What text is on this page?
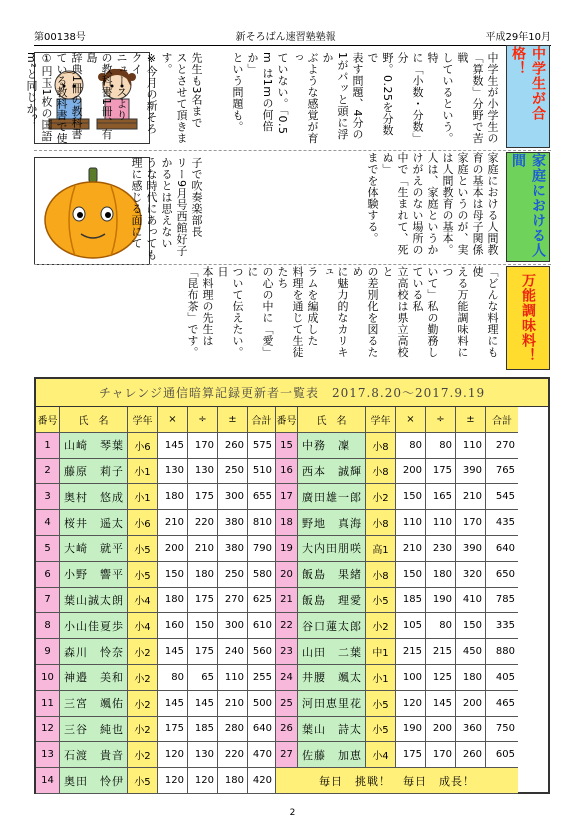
第00138号	新そろばん速習塾塾報	平成29年10月
先生も3名まで
スとさせて頂きます。
※今月の新そろクイ
ニュースより
の教科書1冊、有島
辞典1冊の教科書
ている教科書で使
①円玉1枚の国語
m²と同じか？
子で吹奏楽部長
リー9月号西館好子
かるとは思えない
うな時代にあっても
理に感じる面にて
中学生が小学生の
「算数」分野で苦戦
しているという。特
に「小数・分数」分
野。0.25を分数で
表す問題、4分の
1がパッと頭に浮か
ぶような感覚が育っ
ていない。「0.5
m は1mの何倍か」
という問題も。
家庭における人間教
育の基本は母子関係
家庭というのが、実
は人間教育の基本。
人は、家庭というか
けがえのない場所の
中で「生まれて、死ぬ」
までを体験する。
「どんな料理にも使
える万能調味料につ
いて」私の勤務している私
立高校は県立高校と
の差別化を図るため
に魅力的なカリキュ
ラムを編成した
料理を通じて生徒たち
の心の中に「愛」に
ついて伝えたい。日
本料理の先生は「昆布茶」です。
中学生が合格！
家庭における人間
万能調味料！
チャレンジ通信暗算記録更新者一覧表　2017.8.20～2017.9.19
番号	氏　名	学年	×	÷	±	合計 番号	氏　名	学年	×	÷	±	合計
1	山崎　琴葉	小6	145	170	260 575 15 中務　凜	小8	80	80	110	270
2	藤原　莉子	小1	130	130	250 510 16 西本　誠輝	小8	200	175	390	765
3	奥村　悠成	小1	180	175	300 655 17 廣田雄一郎	小2	150	165	210	545
4	桜井　遥太	小6	210	220	380 810 18 野地　真海	小8	110	110	170	435
5	大崎　就平	小5	200	210	380 790 19 大内田朋咲	高1	210	230	390	640
6	小野　響平	小5	150	180	250 580 20 飯島　果緒	小8	150	180	320	650
7	葉山誠太朗	小4	180	175	270 625 21 飯島　理愛	小5	185	190	410	785
8	小山佳夏歩	小4	160	150	300 610 22 谷口蓮太郎	小2	105	80	150	335
9	森川　怜奈	小2	145	175	240 560 23 山田　二葉	中1	215	215	450	880
10 神邉　美和	小2	80	65	110 255 24 井腰　颯太	小1	100	125	180	405
11 三宮　颯佑	小2	145	145	210 500 25 河田恵里花	小5	120	145	200	465
12 三谷　純也	小2	175	185	280 640 26 葉山　詩太	小5	190	200	360	750
13 石渡　貴音	小2	120	130	220 470 27 佐藤　加恵	小4	175	170	260	605
14 奥田　怜伊	小5	120	120	180 420	毎日　挑戦！　毎日　成長！
2
